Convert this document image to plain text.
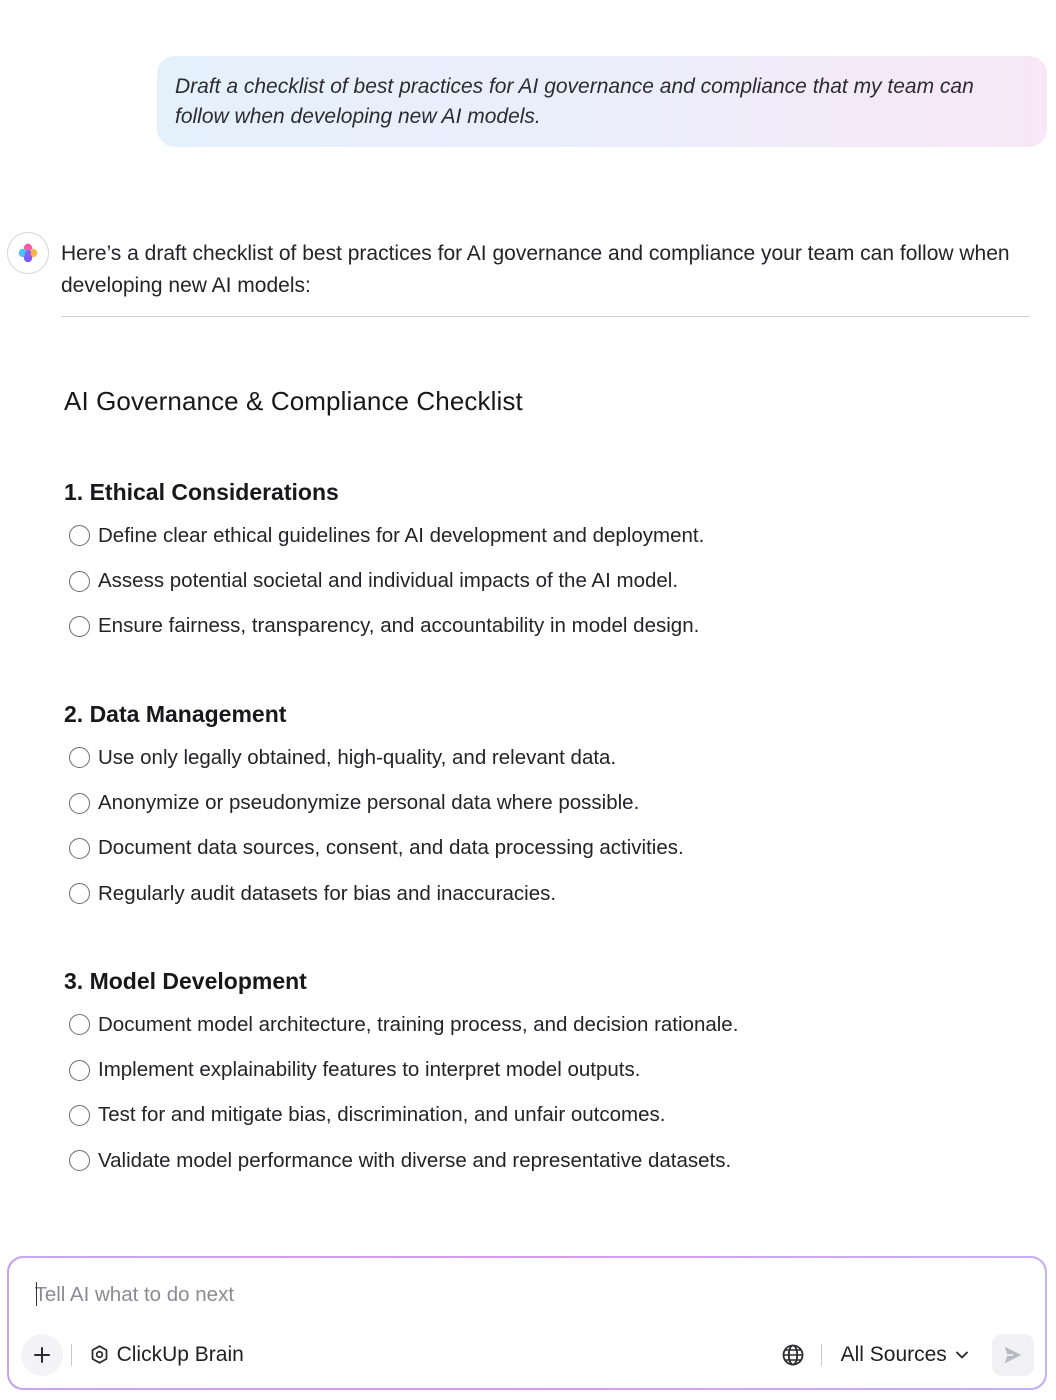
Draft a checklist of best practices for AI governance and compliance that my team can follow when developing new AI models.

Here’s a draft checklist of best practices for AI governance and compliance your team can follow when developing new AI models:

AI Governance & Compliance Checklist
1. Ethical Considerations
Define clear ethical guidelines for AI development and deployment.
Assess potential societal and individual impacts of the AI model.
Ensure fairness, transparency, and accountability in model design.
2. Data Management
Use only legally obtained, high-quality, and relevant data.
Anonymize or pseudonymize personal data where possible.
Document data sources, consent, and data processing activities.
Regularly audit datasets for bias and inaccuracies.
3. Model Development
Document model architecture, training process, and decision rationale.
Implement explainability features to interpret model outputs.
Test for and mitigate bias, discrimination, and unfair outcomes.
Validate model performance with diverse and representative datasets.
Tell AI what to do next
ClickUp Brain	All Sources
